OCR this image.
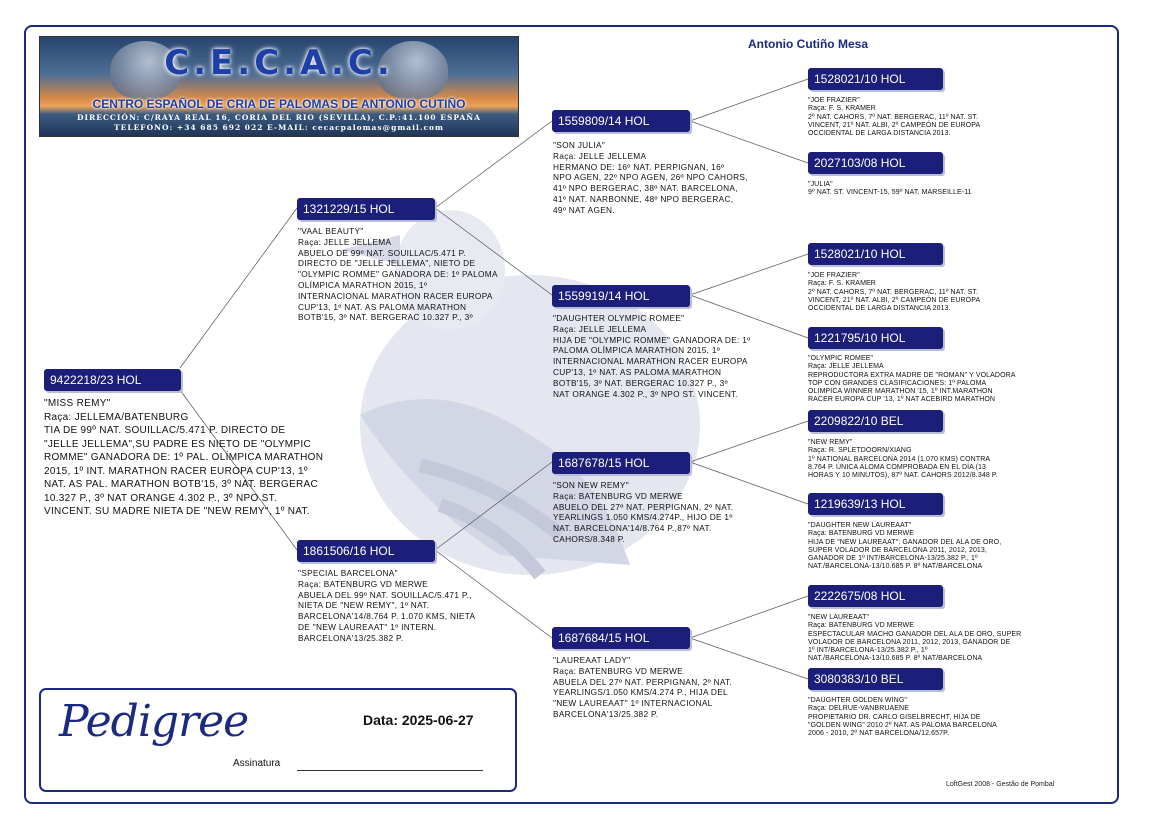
Antonio Cutiño Mesa
C.E.C.A.C.
CENTRO ESPAÑOL DE CRIA DE PALOMAS DE ANTONIO CUTIÑO
DIRECCIÓN: C/RAYA REAL 16, CORIA DEL RIO (SEVILLA), C.P.:41.100 ESPAÑA
TELEFONO: +34 685 692 022 E-MAIL: cecacpalomas@gmail.com
9422218/23 HOL
"MISS REMY"
Raça: JELLEMA/BATENBURG
TIA DE 99º NAT. SOUILLAC/5.471 P. DIRECTO DE
"JELLE JELLEMA",SU PADRE ES NIETO DE "OLYMPIC
ROMME" GANADORA DE: 1º PAL. OLÍMPICA MARATHON
2015, 1º INT. MARATHON RACER EUROPA CUP'13, 1º
NAT. AS PAL. MARATHON BOTB'15, 3º NAT. BERGERAC
10.327 P., 3º NAT ORANGE 4.302 P., 3º NPO ST.
VINCENT. SU MADRE NIETA DE "NEW REMY", 1º NAT.
1321229/15 HOL
"VAAL BEAUTY"
Raça: JELLE JELLEMA
ABUELO DE 99º NAT. SOUILLAC/5.471 P.
DIRECTO DE "JELLE JELLEMA", NIETO DE
"OLYMPIC ROMME" GANADORA DE: 1º PALOMA
OLÍMPICA MARATHON 2015, 1º
INTERNACIONAL MARATHON RACER EUROPA
CUP'13, 1º NAT. AS PALOMA MARATHON
BOTB'15, 3º NAT. BERGERAC 10.327 P., 3º
1861506/16 HOL
"SPECIAL BARCELONA"
Raça: BATENBURG VD MERWE
ABUELA DEL 99º NAT. SOUILLAC/5.471 P.,
NIETA DE "NEW REMY", 1º NAT.
BARCELONA'14/8.764 P. 1.070 KMS, NIETA
DE "NEW LAUREAAT" 1º INTERN.
BARCELONA'13/25.382 P.
1559809/14 HOL
"SON JULIA"
Raça: JELLE JELLEMA
HERMANO DE: 16º NAT. PERPIGNAN, 16º
NPO AGEN, 22º NPO AGEN, 26º NPO CAHORS,
41º NPO BERGERAC, 38º NAT. BARCELONA,
41º NAT. NARBONNE, 48º NPO BERGERAC,
49º NAT AGEN.
1559919/14 HOL
"DAUGHTER OLYMPIC ROMEE"
Raça: JELLE JELLEMA
HIJA DE "OLYMPIC ROMME" GANADORA DE: 1º
PALOMA OLÍMPICA MARATHON 2015, 1º
INTERNACIONAL MARATHON RACER EUROPA
CUP'13, 1º NAT. AS PALOMA MARATHON
BOTB'15, 3º NAT. BERGERAC 10.327 P., 3º
NAT ORANGE 4.302 P., 3º NPO ST. VINCENT.
1687678/15 HOL
"SON NEW REMY"
Raça: BATENBURG VD MERWE
ABUELO DEL 27º NAT. PERPIGNAN, 2º NAT.
YEARLINGS 1.050 KMS/4.274P., HIJO DE 1º
NAT. BARCELONA'14/8.764 P.,87º NAT.
CAHORS/8.348 P.
1687684/15 HOL
"LAUREAAT LADY"
Raça: BATENBURG VD MERWE
ABUELA DEL 27º NAT. PERPIGNAN, 2º NAT.
YEARLINGS/1.050 KMS/4.274 P., HIJA DEL
"NEW LAUREAAT" 1º INTERNACIONAL
BARCELONA'13/25.382 P.
1528021/10 HOL
"JOE FRAZIER"
Raça: F. S. KRAMER
2º NAT. CAHORS, 7º NAT. BERGERAC, 11º NAT. ST.
VINCENT, 21º NAT. ALBI, 2º CAMPEÓN DE EUROPA
OCCIDENTAL DE LARGA DISTANCIA 2013.
2027103/08 HOL
"JULIA"
9º NAT. ST. VINCENT-15, 59º NAT. MARSEILLE-11
1528021/10 HOL
"JOE FRAZIER"
Raça: F. S. KRAMER
2º NAT. CAHORS, 7º NAT. BERGERAC, 11º NAT. ST.
VINCENT, 21º NAT. ALBI, 2º CAMPEÓN DE EUROPA
OCCIDENTAL DE LARGA DISTANCIA 2013.
1221795/10 HOL
"OLYMPIC ROMEE"
Raça: JELLE JELLEMA
REPRODUCTORA EXTRA MADRE DE "ROMAN" Y VOLADORA
TOP CON GRANDES CLASIFICACIONES: 1º PALOMA
OLIMPICA WINNER MARATHON '15, 1º INT.MARATHON
RACER EUROPA CUP '13, 1º NAT ACEBIRD MARATHON
2209822/10 BEL
"NEW REMY"
Raça: R. SPLETDOORN/XIANG
1º NATIONAL BARCELONA 2014 (1.070 KMS) CONTRA
8.764 P. ÚNICA ALOMA COMPROBADA EN EL DÍA (13
HORAS Y 10 MINUTOS), 87º NAT. CAHORS 2012/8.348 P.
1219639/13 HOL
"DAUGHTER NEW LAUREAAT"
Raça: BATENBURG VD MERWE
HIJA DE "NEW LAUREAAT": GANADOR DEL ALA DE ORO,
SUPER VOLADOR DE BARCELONA 2011, 2012, 2013,
GANADOR DE 1º INT/BARCELONA-13/25.382 P., 1º
NAT./BARCELONA-13/10.685 P. 8º NAT/BARCELONA
2222675/08 HOL
"NEW LAUREAAT"
Raça: BATENBURG VD MERWE
ESPECTACULAR MACHO GANADOR DEL ALA DE ORO, SUPER
VOLADOR DE BARCELONA 2011, 2012, 2013, GANADOR DE
1º INT/BARCELONA-13/25.382 P., 1º
NAT./BARCELONA-13/10.685 P. 8º NAT/BARCELONA
3080383/10 BEL
"DAUGHTER GOLDEN WING"
Raça: DELRUE-VANBRUAENE
PROPIETARIO DR. CARLO GISELBRECHT, HIJA DE
"GOLDEN WING" 2010 2º NAT. AS PALOMA BARCELONA
2006 - 2010, 2º NAT BARCELONA/12.657P.
Pedigree	Data: 2025-06-27
Assinatura
LoftGest 2008 - Gestão de Pombal
